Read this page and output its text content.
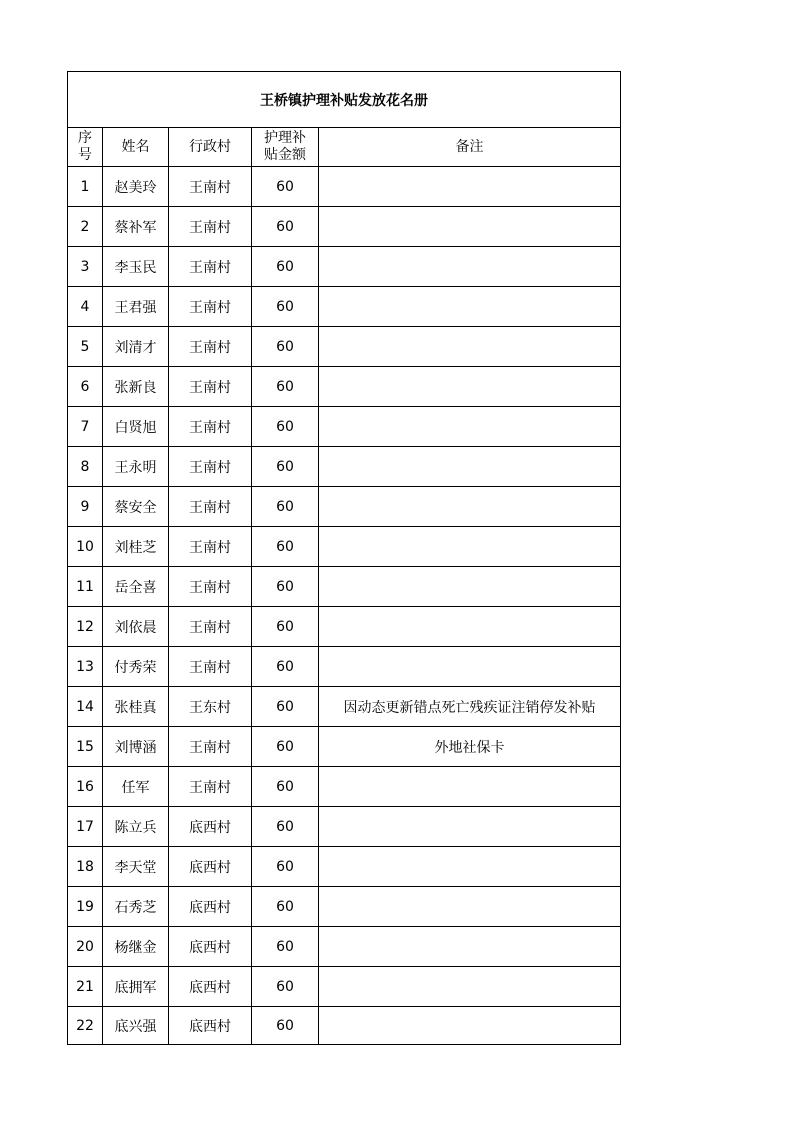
王桥镇护理补贴发放花名册				
序号	姓名	行政村	护理补贴金额	备注
1	赵美玲	王南村	60	
2	蔡补军	王南村	60	
3	李玉民	王南村	60	
4	王君强	王南村	60	
5	刘清才	王南村	60	
6	张新良	王南村	60	
7	白贤旭	王南村	60	
8	王永明	王南村	60	
9	蔡安全	王南村	60	
10	刘桂芝	王南村	60	
11	岳全喜	王南村	60	
12	刘依晨	王南村	60	
13	付秀荣	王南村	60	
14	张桂真	王东村	60	因动态更新错点死亡残疾证注销停发补贴
15	刘博涵	王南村	60	外地社保卡
16	任军	王南村	60	
17	陈立兵	底西村	60	
18	李天堂	底西村	60	
19	石秀芝	底西村	60	
20	杨继金	底西村	60	
21	底拥军	底西村	60	
22	底兴强	底西村	60	
